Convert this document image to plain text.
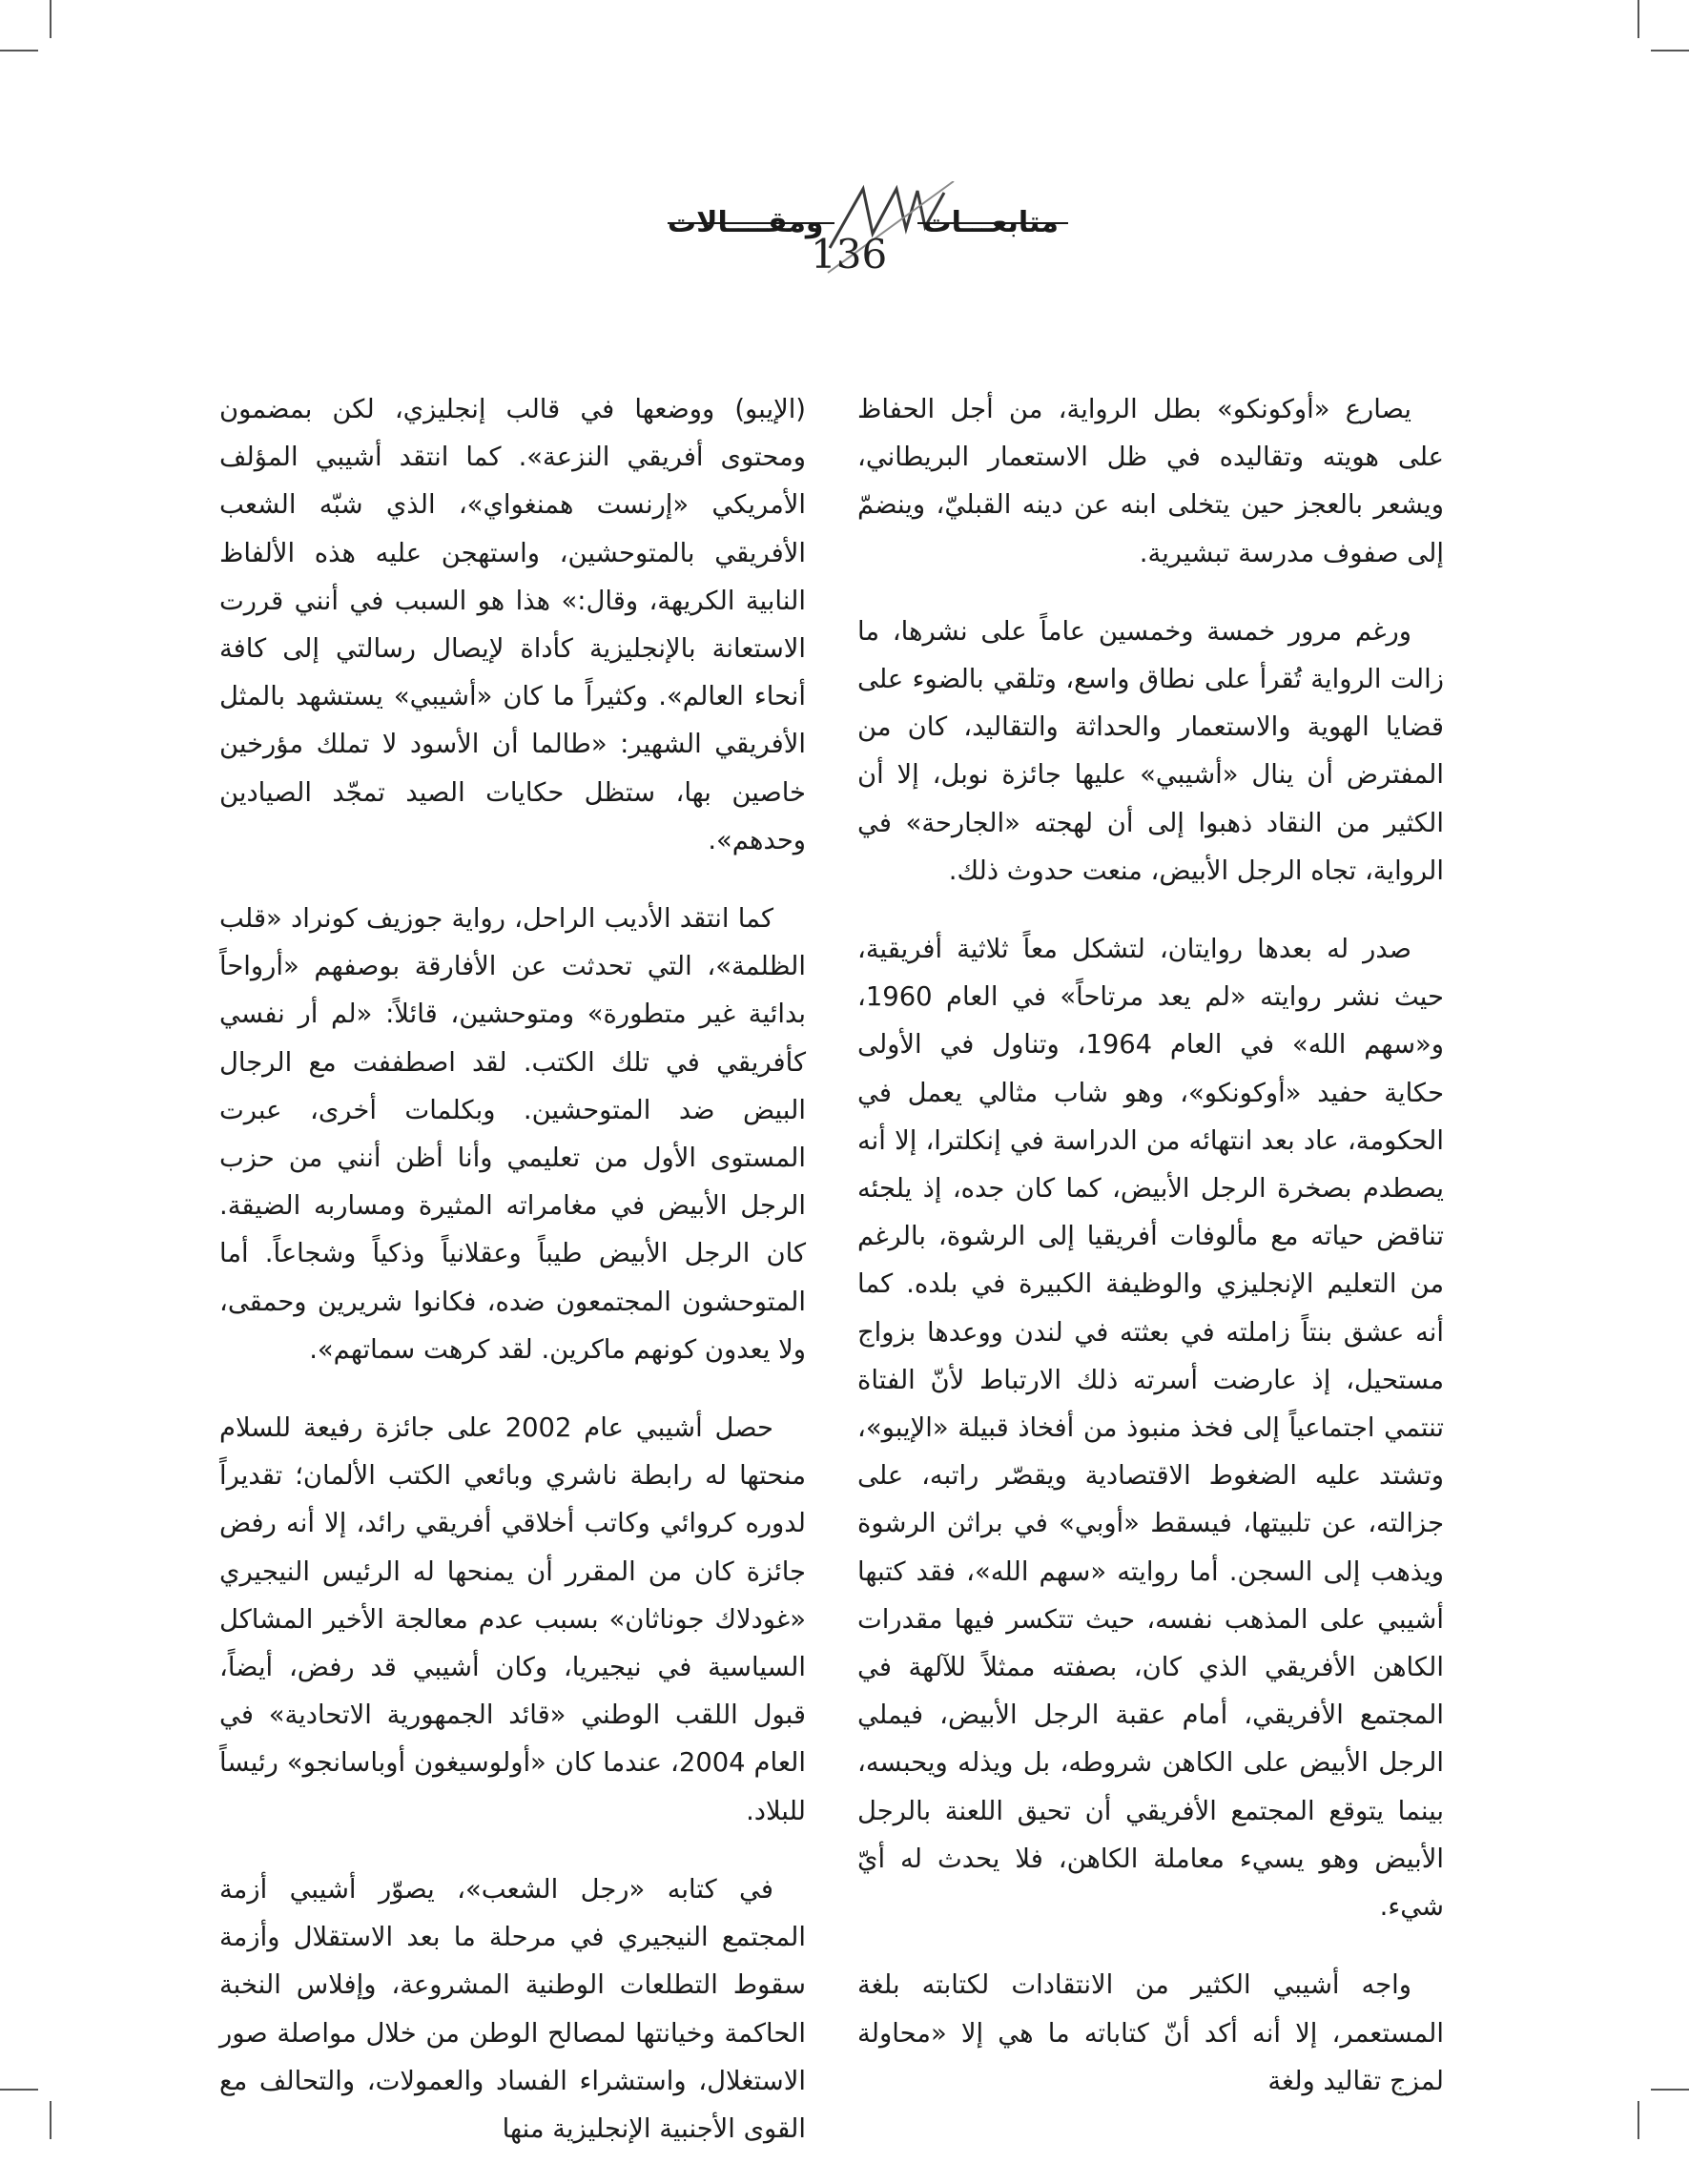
متابعـــات
ومقــــالات
136

يصارع «أوكونكو» بطل الرواية، من أجل الحفاظ على هويته وتقاليده في ظل الاستعمار البريطاني، ويشعر بالعجز حين يتخلى ابنه عن دينه القبليّ، وينضمّ إلى صفوف مدرسة تبشيرية.

ورغم مرور خمسة وخمسين عاماً على نشرها، ما زالت الرواية تُقرأ على نطاق واسع، وتلقي بالضوء على قضايا الهوية والاستعمار والحداثة والتقاليد، كان من المفترض أن ينال «أشيبي» عليها جائزة نوبل، إلا أن الكثير من النقاد ذهبوا إلى أن لهجته «الجارحة» في الرواية، تجاه الرجل الأبيض، منعت حدوث ذلك.

صدر له بعدها روايتان، لتشكل معاً ثلاثية أفريقية، حيث نشر روايته «لم يعد مرتاحاً» في العام 1960، و«سهم الله» في العام 1964، وتناول في الأولى حكاية حفيد «أوكونكو»، وهو شاب مثالي يعمل في الحكومة، عاد بعد انتهائه من الدراسة في إنكلترا، إلا أنه يصطدم بصخرة الرجل الأبيض، كما كان جده، إذ يلجئه تناقض حياته مع مألوفات أفريقيا إلى الرشوة، بالرغم من التعليم الإنجليزي والوظيفة الكبيرة في بلده. كما أنه عشق بنتاً زاملته في بعثته في لندن ووعدها بزواج مستحيل، إذ عارضت أسرته ذلك الارتباط لأنّ الفتاة تنتمي اجتماعياً إلى فخذ منبوذ من أفخاذ قبيلة «الإيبو»، وتشتد عليه الضغوط الاقتصادية ويقصّر راتبه، على جزالته، عن تلبيتها، فيسقط «أوبي» في براثن الرشوة ويذهب إلى السجن. أما روايته «سهم الله»، فقد كتبها أشيبي على المذهب نفسه، حيث تتكسر فيها مقدرات الكاهن الأفريقي الذي كان، بصفته ممثلاً للآلهة في المجتمع الأفريقي، أمام عقبة الرجل الأبيض، فيملي الرجل الأبيض على الكاهن شروطه، بل ويذله ويحبسه، بينما يتوقع المجتمع الأفريقي أن تحيق اللعنة بالرجل الأبيض وهو يسيء معاملة الكاهن، فلا يحدث له أيّ شيء.

واجه أشيبي الكثير من الانتقادات لكتابته بلغة المستعمر، إلا أنه أكد أنّ كتاباته ما هي إلا «محاولة لمزج تقاليد ولغة

(الإيبو) ووضعها في قالب إنجليزي، لكن بمضمون ومحتوى أفريقي النزعة». كما انتقد أشيبي المؤلف الأمريكي «إرنست همنغواي»، الذي شبّه الشعب الأفريقي بالمتوحشين، واستهجن عليه هذه الألفاظ النابية الكريهة، وقال:» هذا هو السبب في أنني قررت الاستعانة بالإنجليزية كأداة لإيصال رسالتي إلى كافة أنحاء العالم». وكثيراً ما كان «أشيبي» يستشهد بالمثل الأفريقي الشهير: «طالما أن الأسود لا تملك مؤرخين خاصين بها، ستظل حكايات الصيد تمجّد الصيادين وحدهم».

كما انتقد الأديب الراحل، رواية جوزيف كونراد «قلب الظلمة»، التي تحدثت عن الأفارقة بوصفهم «أرواحاً بدائية غير متطورة» ومتوحشين، قائلاً: «لم أر نفسي كأفريقي في تلك الكتب. لقد اصطففت مع الرجال البيض ضد المتوحشين. وبكلمات أخرى، عبرت المستوى الأول من تعليمي وأنا أظن أنني من حزب الرجل الأبيض في مغامراته المثيرة ومساربه الضيقة. كان الرجل الأبيض طيباً وعقلانياً وذكياً وشجاعاً. أما المتوحشون المجتمعون ضده، فكانوا شريرين وحمقى، ولا يعدون كونهم ماكرين. لقد كرهت سماتهم».

حصل أشيبي عام 2002 على جائزة رفيعة للسلام منحتها له رابطة ناشري وبائعي الكتب الألمان؛ تقديراً لدوره كروائي وكاتب أخلاقي أفريقي رائد، إلا أنه رفض جائزة كان من المقرر أن يمنحها له الرئيس النيجيري «غودلاك جوناثان» بسبب عدم معالجة الأخير المشاكل السياسية في نيجيريا، وكان أشيبي قد رفض، أيضاً، قبول اللقب الوطني «قائد الجمهورية الاتحادية» في العام 2004، عندما كان «أولوسيغون أوباسانجو» رئيساً للبلاد.

في كتابه «رجل الشعب»، يصوّر أشيبي أزمة المجتمع النيجيري في مرحلة ما بعد الاستقلال وأزمة سقوط التطلعات الوطنية المشروعة، وإفلاس النخبة الحاكمة وخيانتها لمصالح الوطن من خلال مواصلة صور الاستغلال، واستشراء الفساد والعمولات، والتحالف مع القوى الأجنبية الإنجليزية منها
